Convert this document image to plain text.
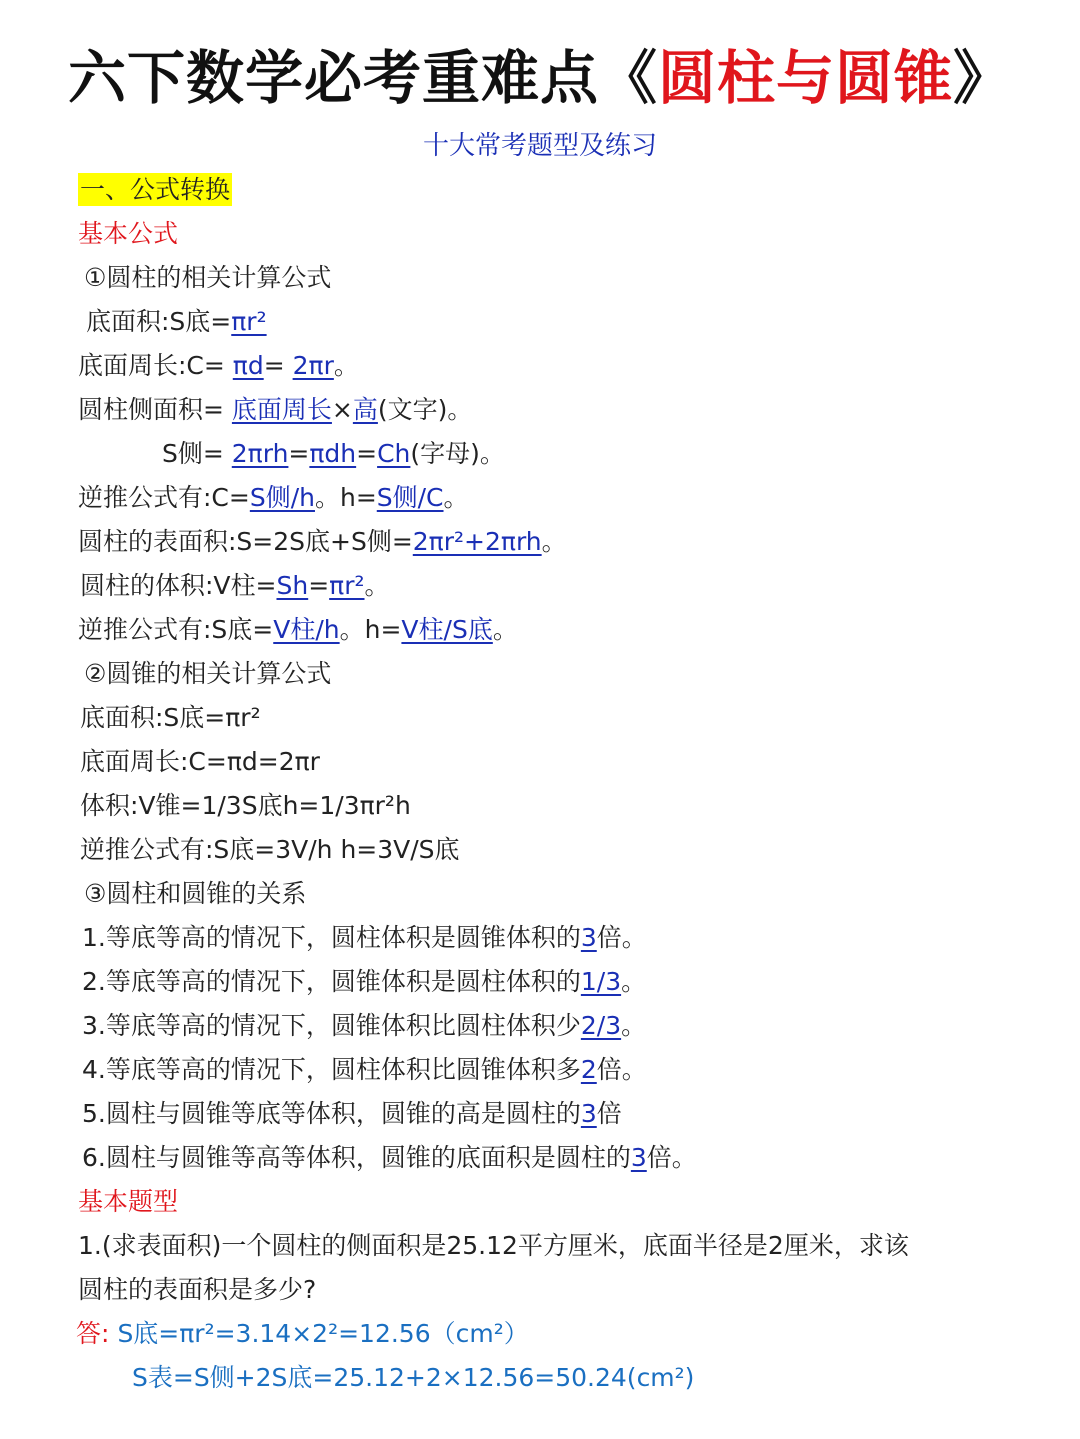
六下数学必考重难点《圆柱与圆锥》
十大常考题型及练习
一、公式转换
基本公式
①圆柱的相关计算公式
底面积:S底=πr²
底面周长:C= πd= 2πr。
圆柱侧面积= 底面周长×高(文字)。
S侧= 2πrh=πdh=Ch(字母)。
逆推公式有:C=S侧/h。h=S侧/C。
圆柱的表面积:S=2S底+S侧=2πr²+2πrh。
圆柱的体积:V柱=Sh=πr²。
逆推公式有:S底=V柱/h。h=V柱/S底。
②圆锥的相关计算公式
底面积:S底=πr²
底面周长:C=πd=2πr
体积:V锥=1/3S底h=1/3πr²h
逆推公式有:S底=3V/h h=3V/S底
③圆柱和圆锥的关系
1.等底等高的情况下，圆柱体积是圆锥体积的3倍。
2.等底等高的情况下，圆锥体积是圆柱体积的1/3。
3.等底等高的情况下，圆锥体积比圆柱体积少2/3。
4.等底等高的情况下，圆柱体积比圆锥体积多2倍。
5.圆柱与圆锥等底等体积，圆锥的高是圆柱的3倍
6.圆柱与圆锥等高等体积，圆锥的底面积是圆柱的3倍。
基本题型
1.(求表面积)一个圆柱的侧面积是25.12平方厘米，底面半径是2厘米，求该
圆柱的表面积是多少?
答: S底=πr²=3.14×2²=12.56（cm²）
S表=S侧+2S底=25.12+2×12.56=50.24(cm²)
